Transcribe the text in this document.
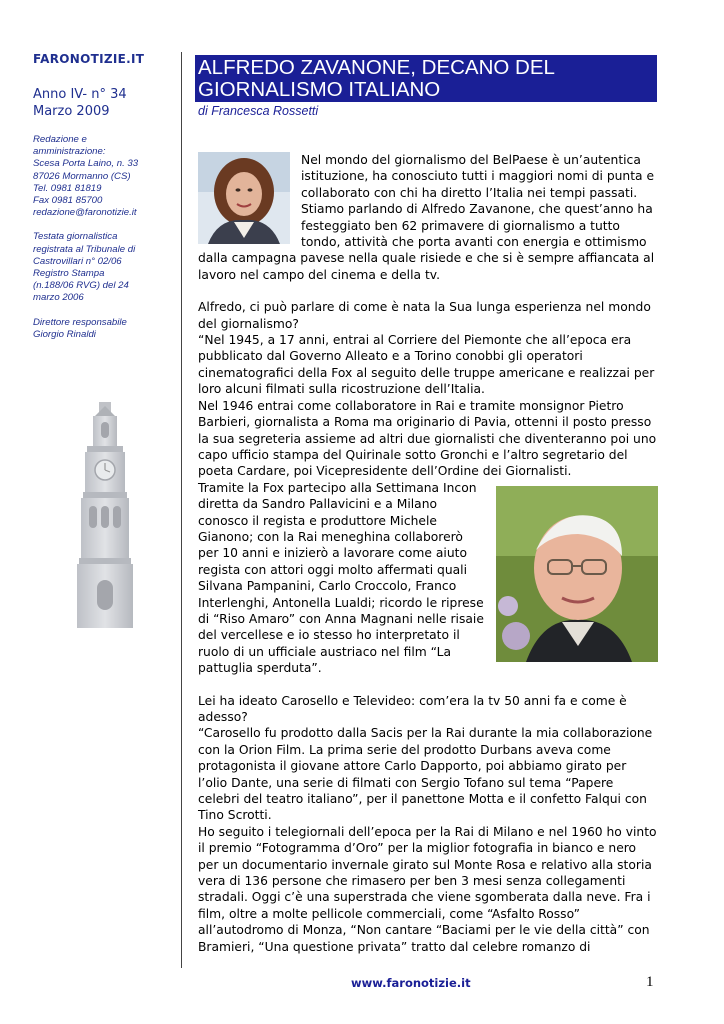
FARONOTIZIE.IT
Anno IV- n° 34
Marzo 2009
Redazione e
amministrazione:
Scesa Porta Laino, n. 33
87026 Mormanno (CS)
Tel. 0981 81819
Fax 0981 85700
redazione@faronotizie.it
Testata giornalistica
registrata al Tribunale di
Castrovillari n° 02/06
Registro Stampa
(n.188/06 RVG) del 24
marzo 2006
Direttore responsabile
Giorgio Rinaldi
ALFREDO ZAVANONE, DECANO DEL
GIORNALISMO ITALIANO
di Francesca Rossetti

Nel mondo del giornalismo del BelPaese è un’autentica istituzione, ha conosciuto tutti i maggiori nomi di punta e collaborato con chi ha diretto l’Italia nei tempi passati. Stiamo parlando di Alfredo Zavanone, che quest’anno ha festeggiato ben 62 primavere di giornalismo a tutto tondo, attività che porta avanti con energia e ottimismo dalla campagna pavese nella quale risiede e che si è sempre affiancata al lavoro nel campo del cinema e della tv.

Alfredo, ci può parlare di come è nata la Sua lunga esperienza nel mondo del giornalismo?

“Nel 1945, a 17 anni, entrai al Corriere del Piemonte che all’epoca era pubblicato dal Governo Alleato e a Torino conobbi gli operatori cinematografici della Fox al seguito delle truppe americane e realizzai per loro alcuni filmati sulla ricostruzione dell’Italia.

Nel 1946 entrai come collaboratore in Rai e tramite monsignor Pietro Barbieri, giornalista a Roma ma originario di Pavia, ottenni il posto presso la sua segreteria assieme ad altri due giornalisti che diventeranno poi uno capo ufficio stampa del Quirinale sotto Gronchi e l’altro segretario del poeta Cardare, poi Vicepresidente dell’Ordine dei Giornalisti.

Tramite la Fox partecipo alla Settimana Incon diretta da Sandro Pallavicini e a Milano conosco il regista e produttore Michele Gianono; con la Rai meneghina collaborerò per 10 anni e inizierò a lavorare come aiuto regista con attori oggi molto affermati quali Silvana Pampanini, Carlo Croccolo, Franco Interlenghi, Antonella Lualdi; ricordo le riprese di “Riso Amaro” con Anna Magnani nelle risaie del vercellese e io stesso ho interpretato il ruolo di un ufficiale austriaco nel film “La pattuglia sperduta”.

Lei ha ideato Carosello e Televideo: com’era la tv 50 anni fa e come è adesso?

“Carosello fu prodotto dalla Sacis per la Rai durante la mia collaborazione con la Orion Film. La prima serie del prodotto Durbans aveva come protagonista il giovane attore Carlo Dapporto, poi abbiamo girato per l’olio Dante, una serie di filmati con Sergio Tofano sul tema “Papere celebri del teatro italiano”, per il panettone Motta e il confetto Falqui con Tino Scrotti.

Ho seguito i telegiornali dell’epoca per la Rai di Milano e nel 1960 ho vinto il premio “Fotogramma d’Oro” per la miglior fotografia in bianco e nero per un documentario invernale girato sul Monte Rosa e relativo alla storia vera di 136 persone che rimasero per ben 3 mesi senza collegamenti stradali. Oggi c’è una superstrada che viene sgomberata dalla neve. Fra i film, oltre a molte pellicole commerciali, come “Asfalto Rosso” all’autodromo di Monza, “Non cantare “Baciami per le vie della città” con Bramieri, “Una questione privata” tratto dal celebre romanzo di

www.faronotizie.it	1
